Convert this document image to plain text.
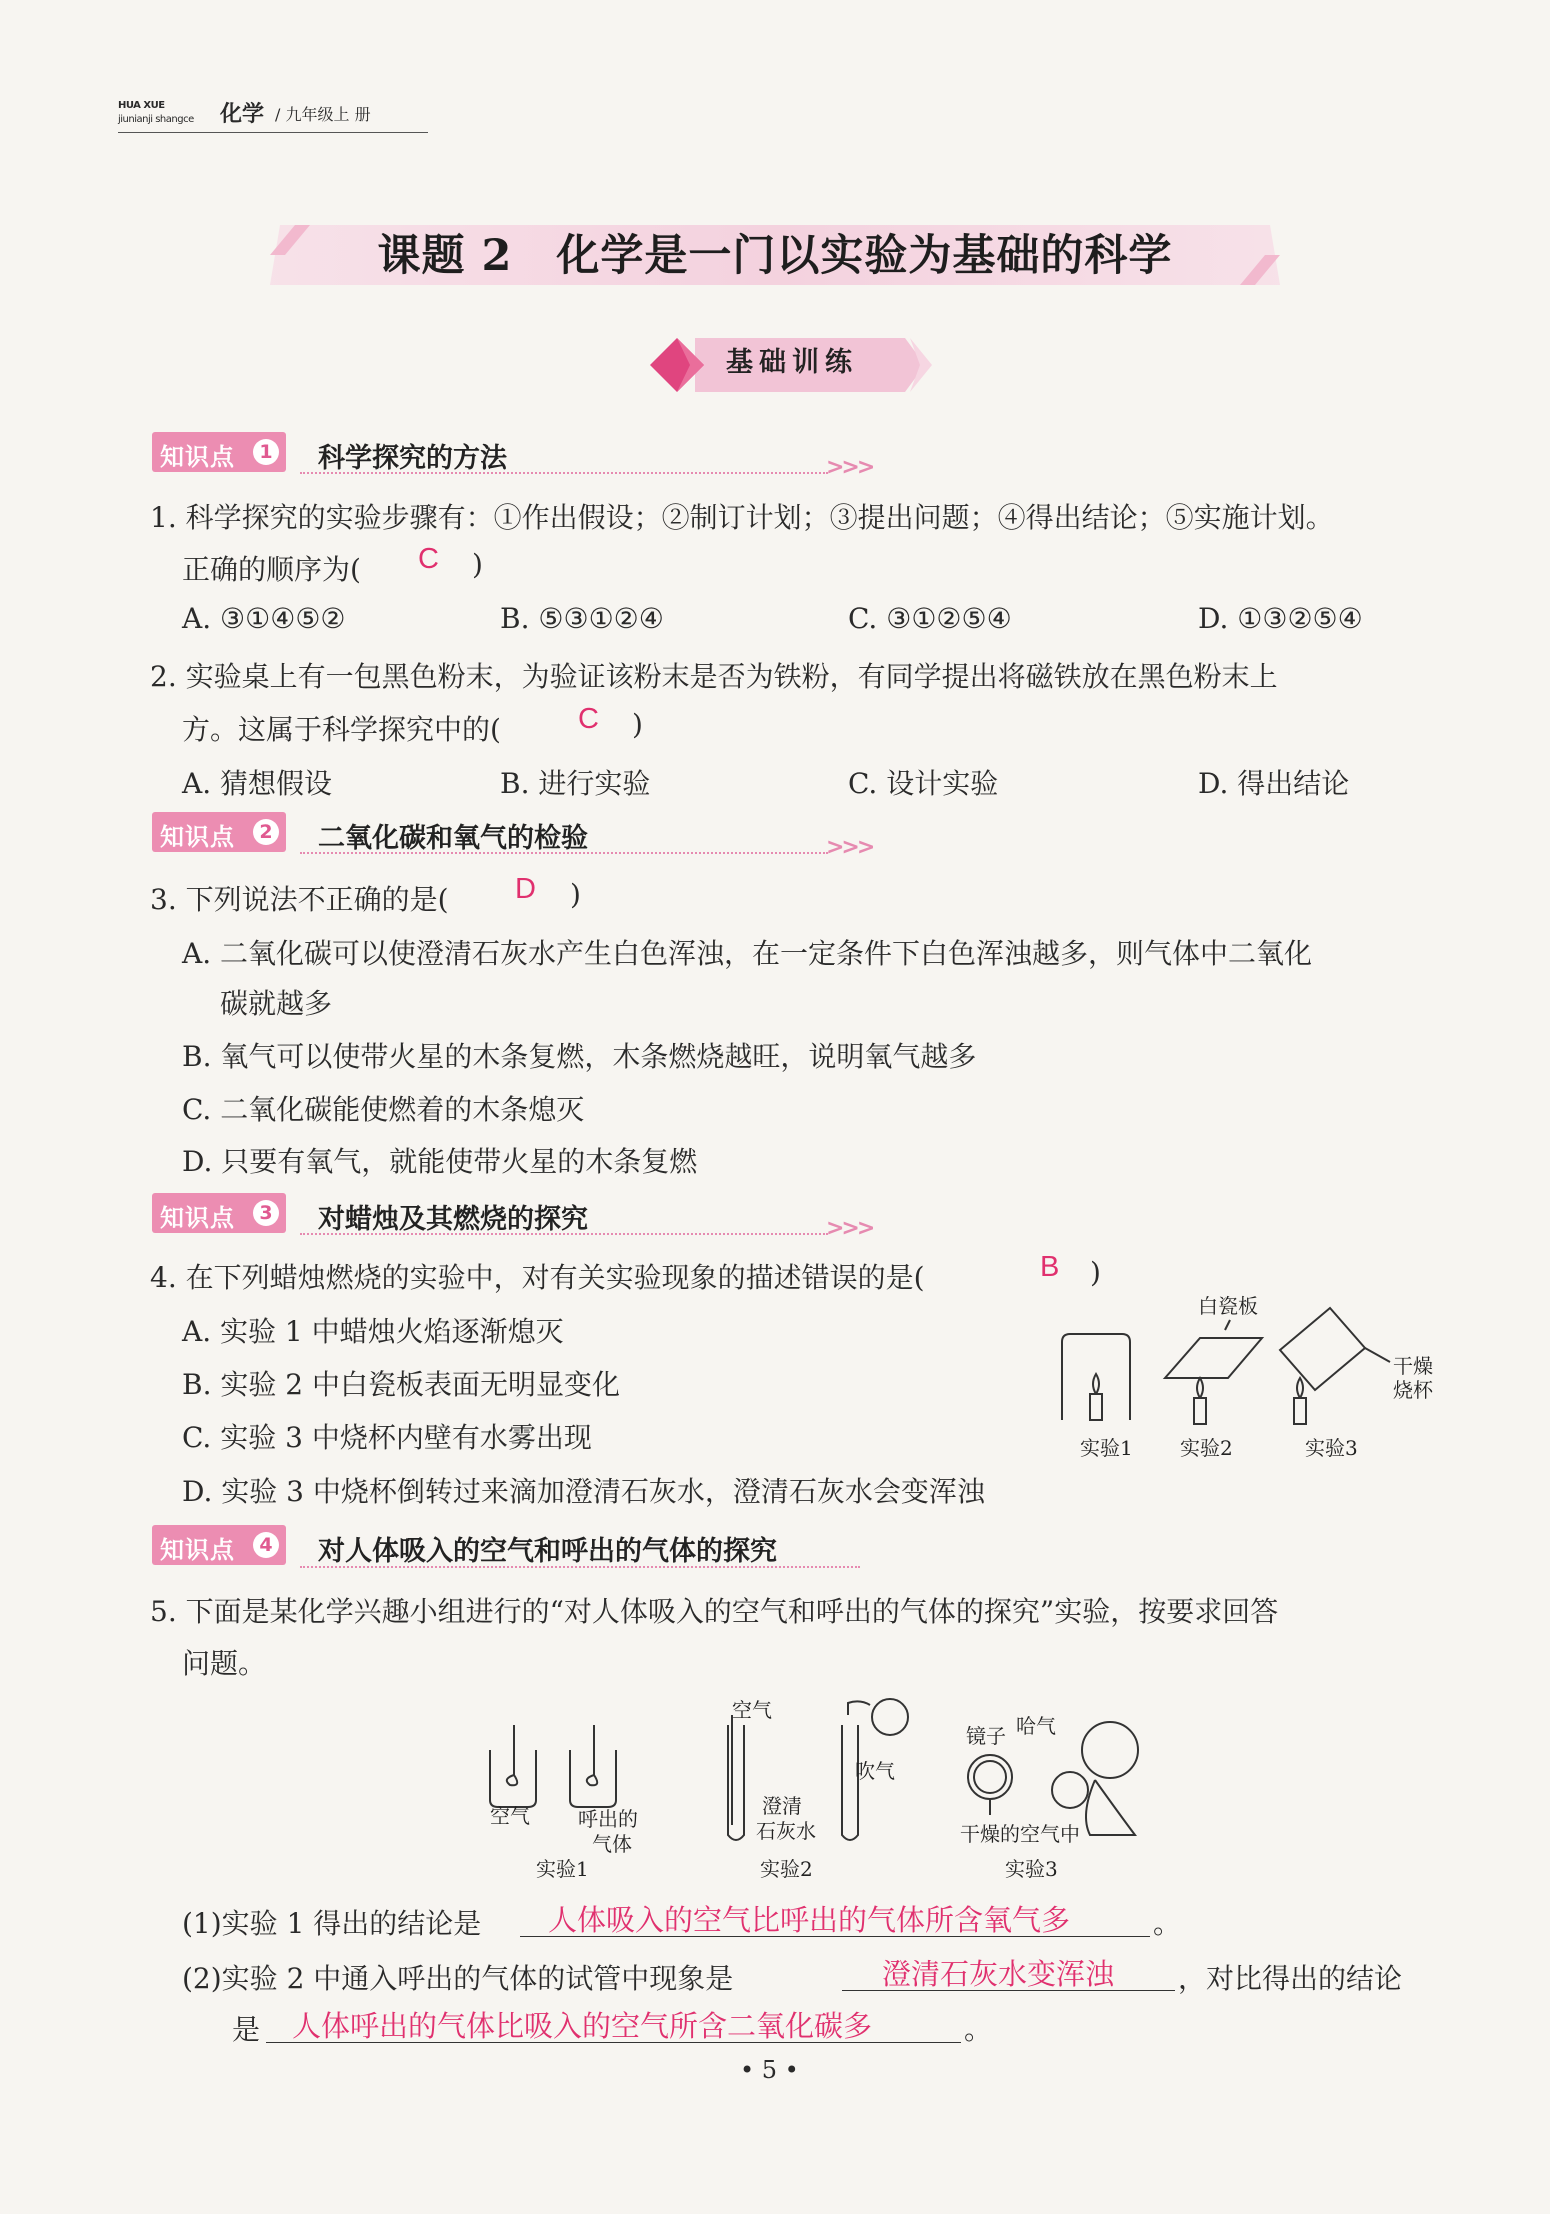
HUA XUE
jiunianji shangce 化学 / 九年级上 册
课题 2　化学是一门以实验为基础的科学
基础训练
知识点	1 科学探究的方法	>>>
1. 科学探究的实验步骤有：①作出假设；②制订计划；③提出问题；④得出结论；⑤实施计划。
正确的顺序为( C )
A. ③①④⑤②	B. ⑤③①②④	C. ③①②⑤④	D. ①③②⑤④
2. 实验桌上有一包黑色粉末，为验证该粉末是否为铁粉，有同学提出将磁铁放在黑色粉末上
方。这属于科学探究中的(	C )
A. 猜想假设	B. 进行实验	C. 设计实验	D. 得出结论
知识点	2 二氧化碳和氧气的检验	>>>
3. 下列说法不正确的是( D )
A. 二氧化碳可以使澄清石灰水产生白色浑浊，在一定条件下白色浑浊越多，则气体中二氧化
碳就越多
B. 氧气可以使带火星的木条复燃，木条燃烧越旺，说明氧气越多
C. 二氧化碳能使燃着的木条熄灭
D. 只要有氧气，就能使带火星的木条复燃
知识点	3 对蜡烛及其燃烧的探究	>>>
4. 在下列蜡烛燃烧的实验中，对有关实验现象的描述错误的是(	B )
A. 实验 1 中蜡烛火焰逐渐熄灭
B. 实验 2 中白瓷板表面无明显变化
C. 实验 3 中烧杯内壁有水雾出现
D. 实验 3 中烧杯倒转过来滴加澄清石灰水，澄清石灰水会变浑浊
白瓷板
干燥
烧杯
实验1 实验2	实验3
知识点	4 对人体吸入的空气和呼出的气体的探究
5. 下面是某化学兴趣小组进行的“对人体吸入的空气和呼出的气体的探究”实验，按要求回答
问题。
空气 呼出的
气体
实验1
空气
吹气
澄清
石灰水
实验2
镜子 哈气
干燥的空气中
实验3
(1)实验 1 得出的结论是 人体吸入的空气比呼出的气体所含氧气多	。
(2)实验 2 中通入呼出的气体的试管中现象是	澄清石灰水变浑浊 ，对比得出的结论
是 人体呼出的气体比吸入的空气所含二氧化碳多	。
• 5 •
